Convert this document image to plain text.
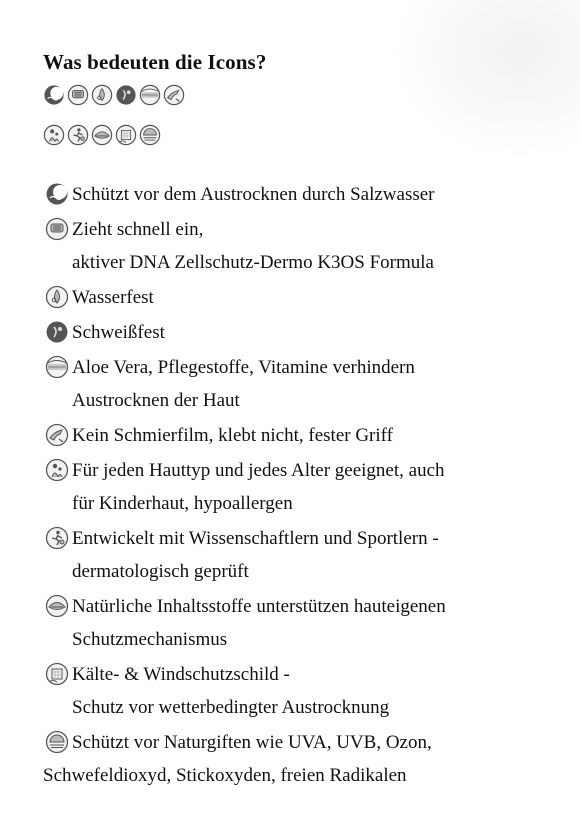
Was bedeuten die Icons?
Schützt vor dem Austrocknen durch Salzwasser
Zieht schnell ein,
aktiver DNA Zellschutz-Dermo K3OS Formula
Wasserfest
Schweißfest
Aloe Vera, Pflegestoffe, Vitamine verhindern
Austrocknen der Haut
Kein Schmierfilm, klebt nicht, fester Griff
Für jeden Hauttyp und jedes Alter geeignet, auch
für Kinderhaut, hypoallergen
Entwickelt mit Wissenschaftlern und Sportlern -
dermatologisch geprüft
Natürliche Inhaltsstoffe unterstützen hauteigenen
Schutzmechanismus
Kälte- & Windschutzschild -
Schutz vor wetterbedingter Austrocknung
Schützt vor Naturgiften wie UVA, UVB, Ozon,
Schwefeldioxyd, Stickoxyden, freien Radikalen
